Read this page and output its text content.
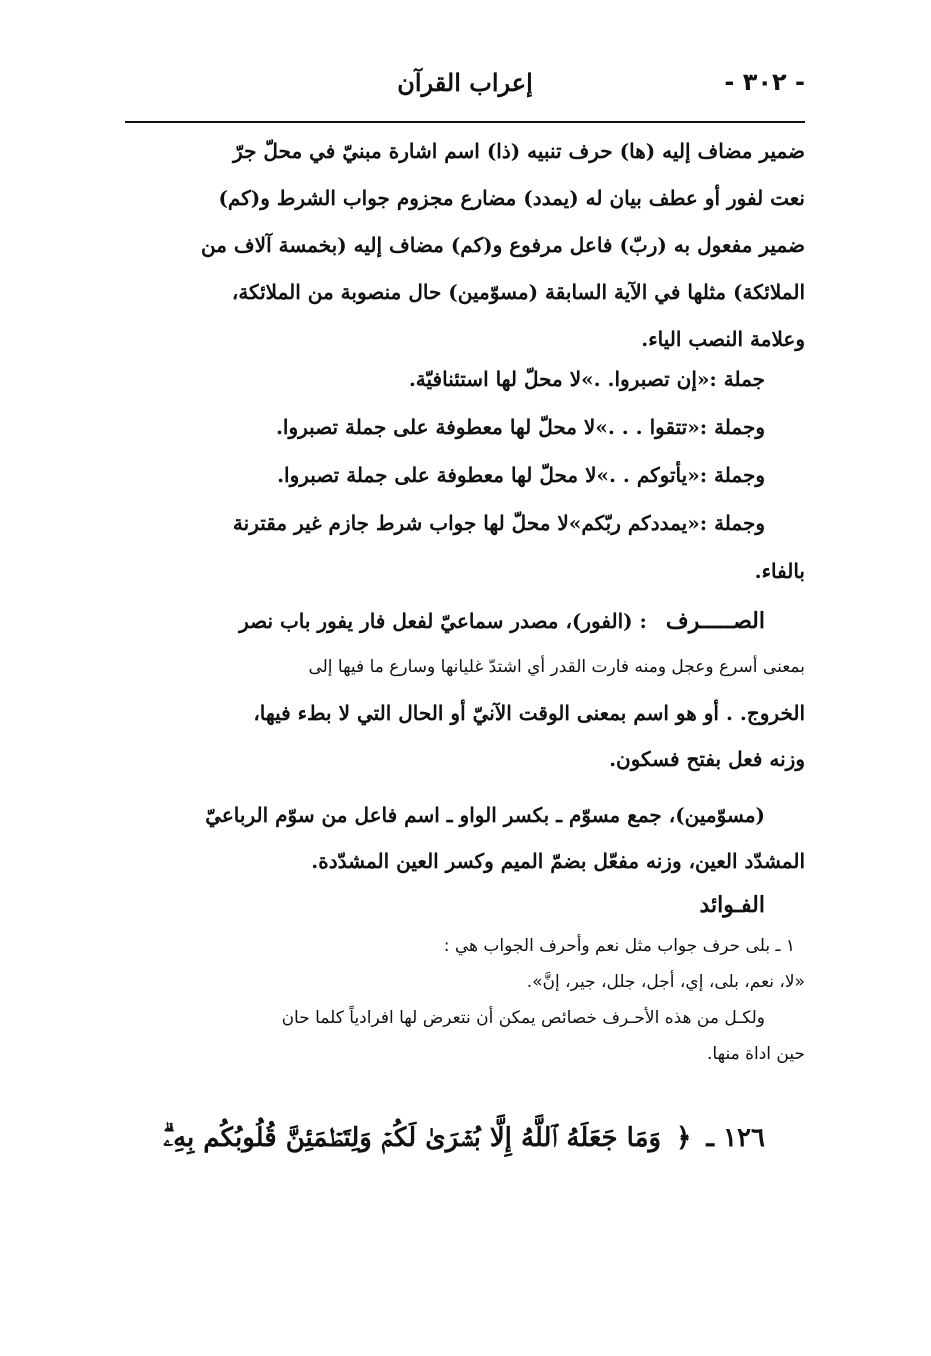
- ٣٠٢ -
إعراب القرآن

ضمير مضاف إليه (ها) حرف تنبيه (ذا) اسم اشارة مبنيّ في محلّ جرّ

نعت لفور أو عطف بيان له (يمدد) مضارع مجزوم جواب الشرط و(كم)

ضمير مفعول به (ربّ) فاعل مرفوع و(كم) مضاف إليه (بخمسة آلاف من

الملائكة) مثلها في الآية السابقة (مسوّمين) حال منصوبة من الملائكة،

وعلامة النصب الياء.

جملة :«إن تصبروا. .»لا محلّ لها استئنافيّة.

وجملة :«تتقوا . . .»لا محلّ لها معطوفة على جملة تصبروا.

وجملة :«يأتوكم . .»لا محلّ لها معطوفة على جملة تصبروا.

وجملة :«يمددكم ربّكم»لا محلّ لها جواب شرط جازم غير مقترنة

بالفاء.

الصـــــرف : (الفور)، مصدر سماعيّ لفعل فار يفور باب نصر
بمعنى أسرع وعجل ومنه فارت القدر أي اشتدّ غليانها وسارع ما فيها إلى
الخروج. . أو هو اسم بمعنى الوقت الآنيّ أو الحال التي لا بطء فيها،
وزنه فعل بفتح فسكون.
(مسوّمين)، جمع مسوّم ـ بكسر الواو ـ اسم فاعل من سوّم الرباعيّ
المشدّد العين، وزنه مفعّل بضمّ الميم وكسر العين المشدّدة.
الفـوائد
١ ـ بلى حرف جواب مثل نعم وأحرف الجواب هي :
«لا، نعم، بلى، إي، أجل، جلل، جير، إنَّ».
ولكـل من هذه الأحـرف خصائص يمكن أن نتعرض لها افرادياً كلما حان
حين اداة منها.
١٢٦ ـ ﴿ وَمَا جَعَلَهُ ٱللَّهُ إِلَّا بُشۡرَىٰ لَكُمۡ وَلِتَطۡمَئِنَّ قُلُوبُكُم بِهِۦۗ
